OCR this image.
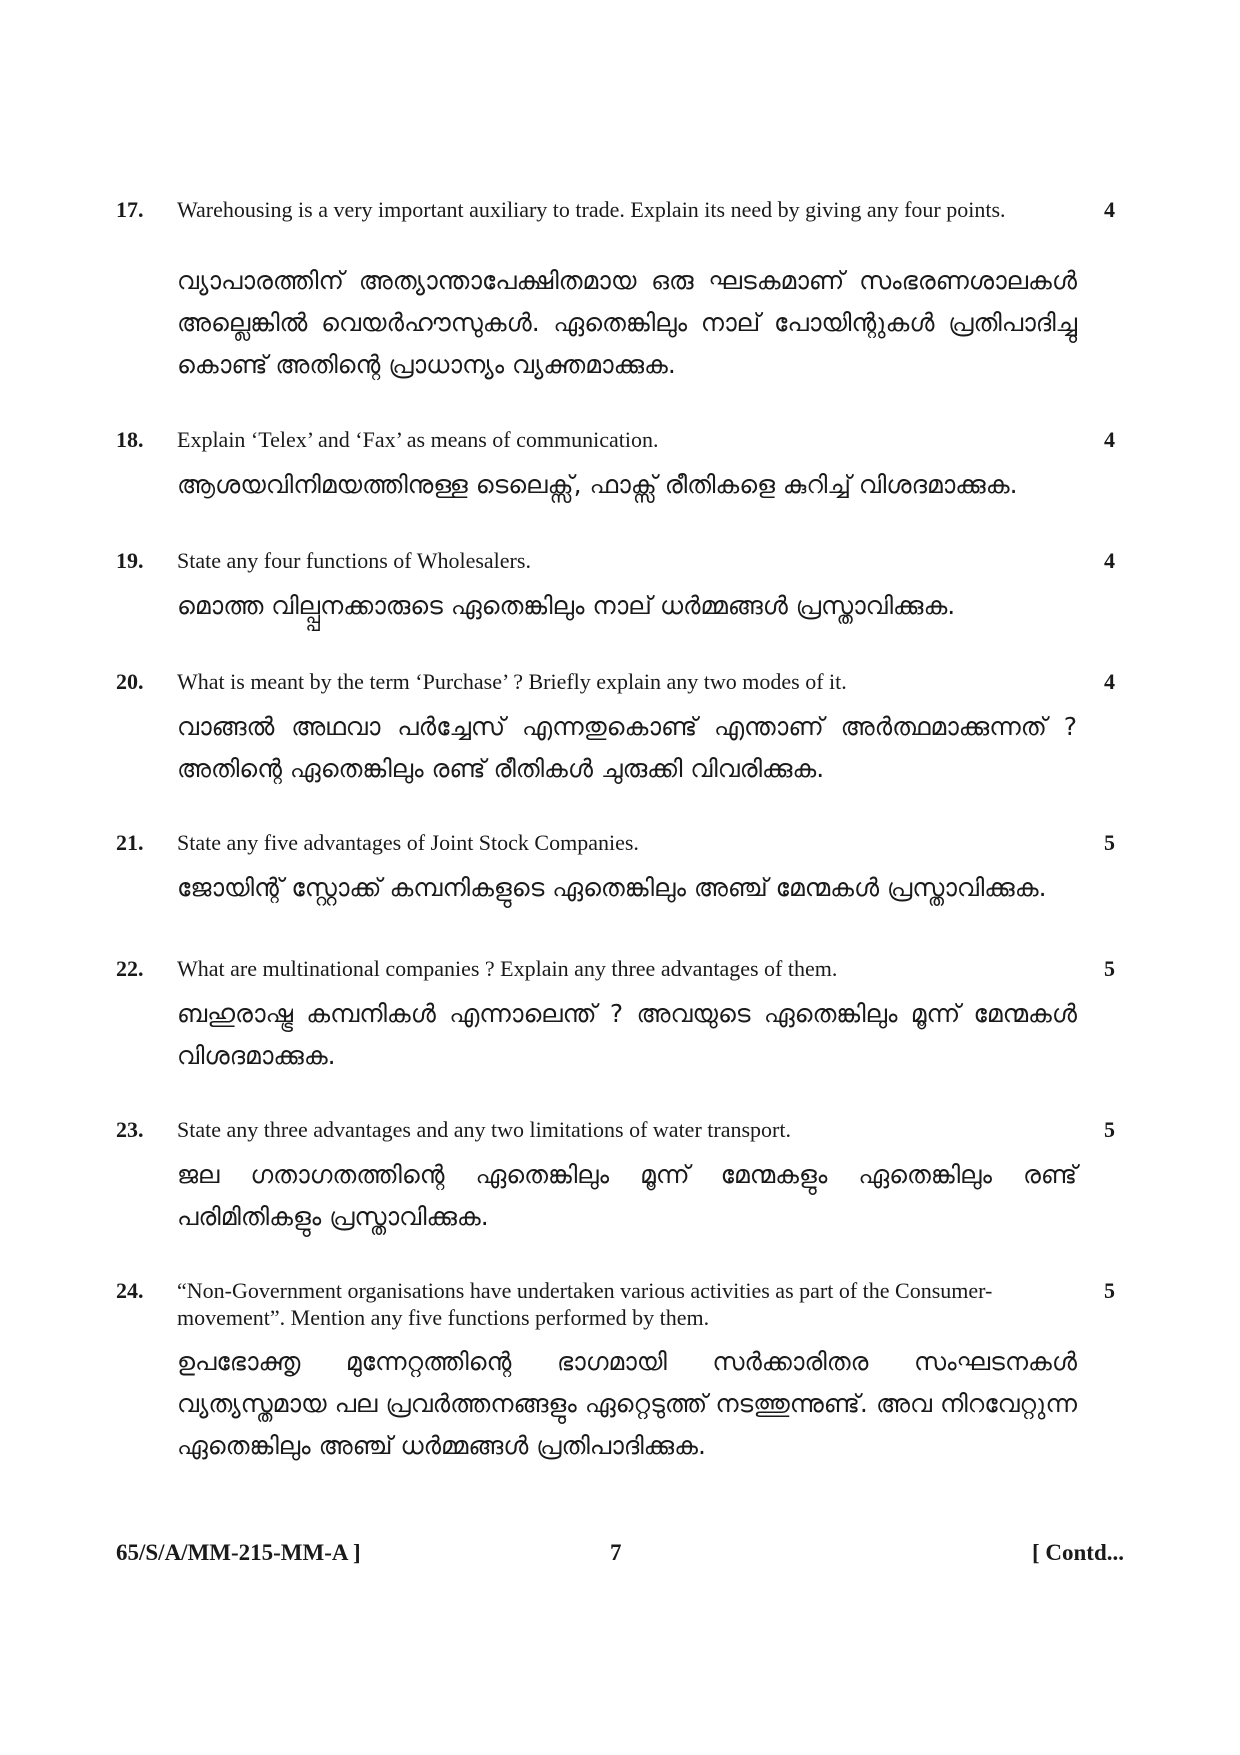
17. Warehousing is a very important auxiliary to trade. Explain its need by giving any four points.	4
വ്യാപാരത്തിന് അത്യാന്താപേക്ഷിതമായ ഒരു ഘടകമാണ് സംഭരണശാലകൾ അല്ലെങ്കിൽ വെയർഹൗസുകൾ. ഏതെങ്കിലും നാല് പോയിന്റുകൾ പ്രതിപാദിച്ചു കൊണ്ട് അതിന്റെ പ്രാധാന്യം വ്യക്തമാക്കുക.
18. Explain ‘Telex’ and ‘Fax’ as means of communication.	4
ആശയവിനിമയത്തിനുള്ള ടെലെക്സ്, ഫാക്സ് രീതികളെ കുറിച്ച് വിശദമാക്കുക.
19. State any four functions of Wholesalers.	4
മൊത്ത വില്പ്പനക്കാരുടെ ഏതെങ്കിലും നാല് ധർമ്മങ്ങൾ പ്രസ്താവിക്കുക.
20. What is meant by the term ‘Purchase’ ? Briefly explain any two modes of it.	4
വാങ്ങൽ അഥവാ പർച്ചേസ് എന്നതുകൊണ്ട് എന്താണ് അർത്ഥമാക്കുന്നത് ? അതിന്റെ ഏതെങ്കിലും രണ്ട് രീതികൾ ചുരുക്കി വിവരിക്കുക.
21. State any five advantages of Joint Stock Companies.	5
ജോയിന്റ് സ്റ്റോക്ക് കമ്പനികളുടെ ഏതെങ്കിലും അഞ്ച് മേന്മകൾ പ്രസ്താവിക്കുക.
22. What are multinational companies ? Explain any three advantages of them.	5
ബഹുരാഷ്ട്ര കമ്പനികൾ എന്നാലെന്ത് ? അവയുടെ ഏതെങ്കിലും മൂന്ന് മേന്മകൾ വിശദമാക്കുക.
23. State any three advantages and any two limitations of water transport.	5
ജല ഗതാഗതത്തിന്റെ ഏതെങ്കിലും മൂന്ന് മേന്മകളും ഏതെങ്കിലും രണ്ട് പരിമിതികളും പ്രസ്താവിക്കുക.
24. “Non-Government organisations have undertaken various activities as part of the Consumer-movement”. Mention any five functions performed by them.
5
ഉപഭോക്തൃ മുന്നേറ്റത്തിന്റെ ഭാഗമായി സർക്കാരിതര സംഘടനകൾ വ്യത്യസ്തമായ പല പ്രവർത്തനങ്ങളും ഏറ്റെടുത്ത് നടത്തുന്നുണ്ട്. അവ നിറവേറ്റുന്ന ഏതെങ്കിലും അഞ്ച് ധർമ്മങ്ങൾ പ്രതിപാദിക്കുക.
65/S/A/MM-215-MM-A ]	7	[ Contd...
